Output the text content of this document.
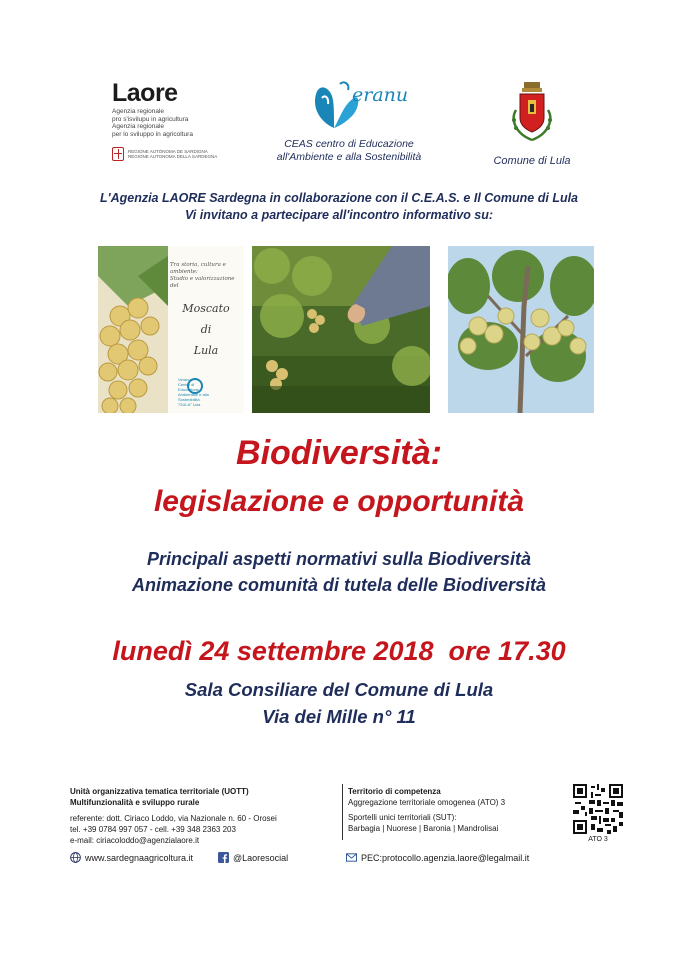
Laore
Agenzia regionale
pro s'isvilupu in agricultura
Agenzia regionale
per lo sviluppo in agricoltura
REGIONE AUTÒNOMA DE SARDIGNA
REGIONE AUTONOMA DELLA SARDEGNA
eranu
CEAS centro di Educazione
all'Ambiente e alla Sostenibilità	Comune di Lula
L'Agenzia LAORE Sardegna in collaborazione con il C.E.A.S. e Il Comune di Lula
Vi invitano a partecipare all'incontro informativo su:
Tra storia, cultura e
ambiente:
Studio e valorizzazione
del
Moscato
di
Lula
Veranu
Centro di
Educazione
Ambientale e alla
Sostenibilità
"GULA" Lula
Biodiversità:
legislazione e opportunità
Principali aspetti normativi sulla Biodiversità
Animazione comunità di tutela delle Biodiversità
lunedì 24 settembre 2018  ore 17.30
Sala Consiliare del Comune di Lula
Via dei Mille n° 11
Unità organizzativa tematica territoriale (UOTT)
Multifunzionalità e sviluppo rurale
referente: dott. Ciriaco Loddo, via Nazionale n. 60 - Orosei
tel. +39 0784 997 057 - cell. +39 348 2363 203
e-mail: ciriacoloddo@agenzialaore.it
Territorio di competenza
Aggregazione territoriale omogenea (ATO) 3
Sportelli unici territoriali (SUT):
Barbagia | Nuorese | Baronia | Mandrolisai
ATO 3
www.sardegnaagricoltura.it	@Laoresocial	PEC:protocollo.agenzia.laore@legalmail.it
